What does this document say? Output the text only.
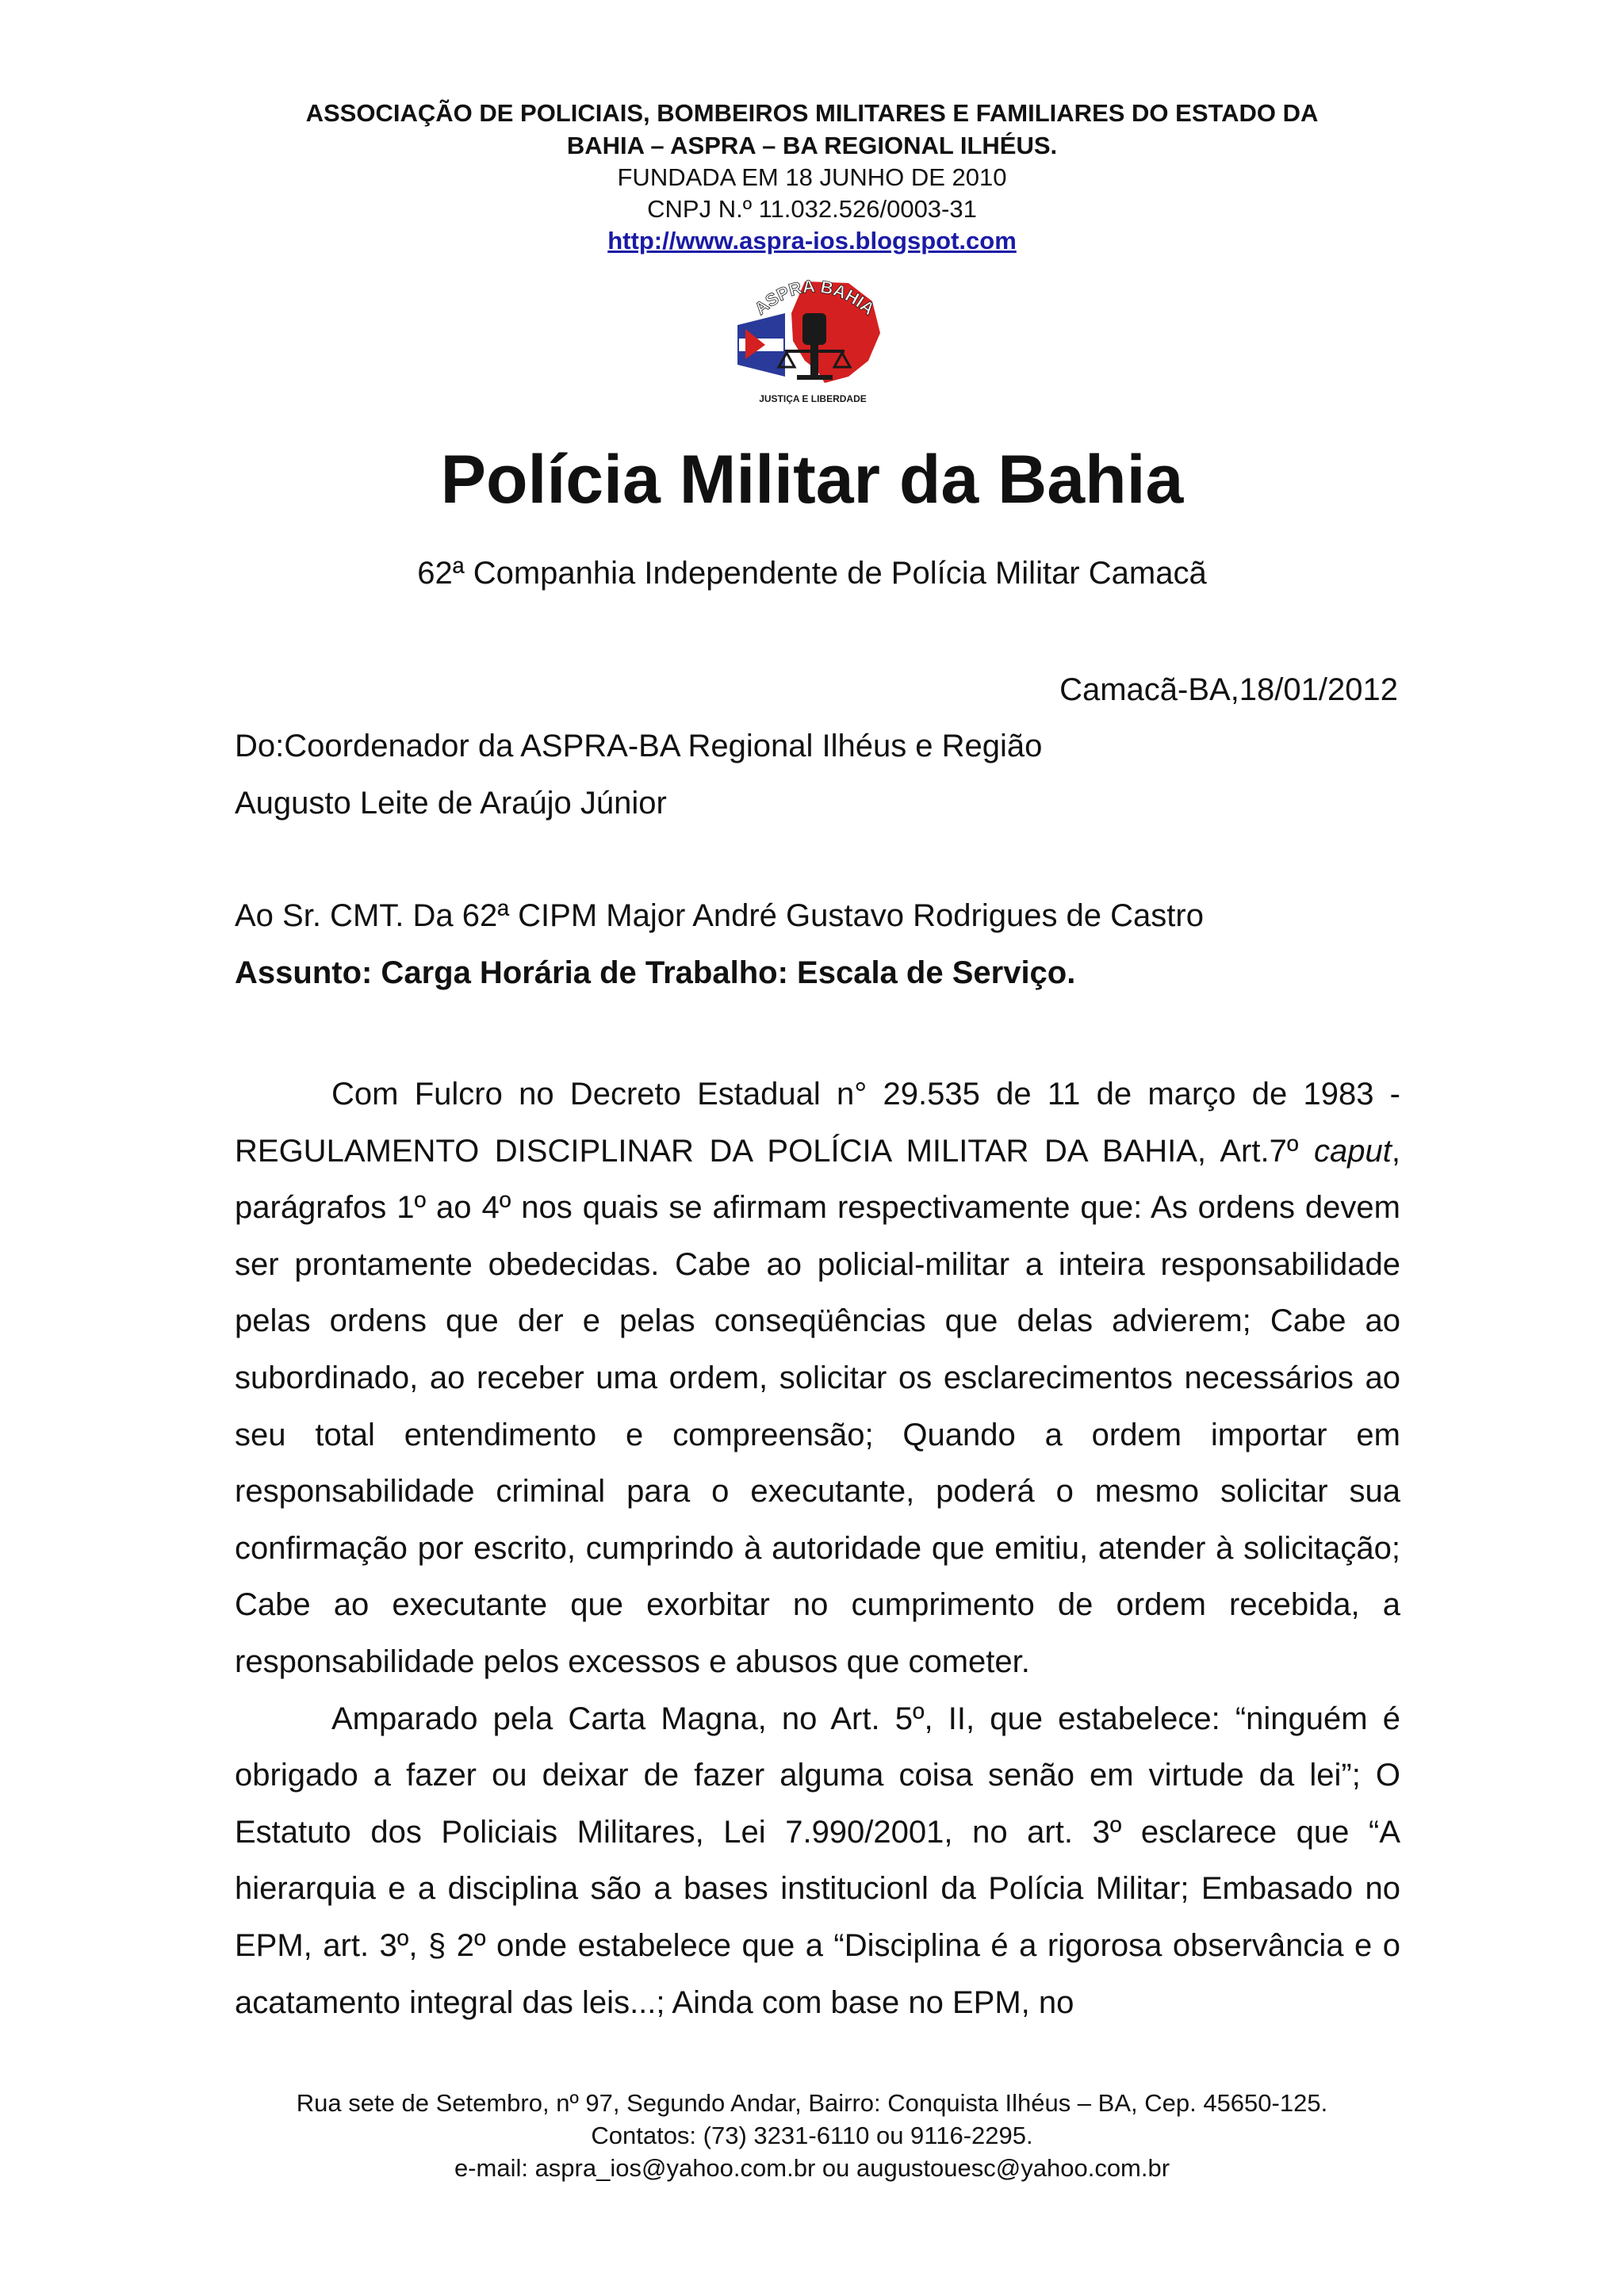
ASSOCIAÇÃO DE POLICIAIS, BOMBEIROS MILITARES E FAMILIARES DO ESTADO DA

BAHIA – ASPRA – BA REGIONAL ILHÉUS.

FUNDADA EM 18 JUNHO DE 2010

CNPJ N.º 11.032.526/0003-31

http://www.aspra-ios.blogspot.com

ASPRA BAHIA
JUSTIÇA E LIBERDADE

Polícia Militar da Bahia

62ª Companhia Independente de Polícia Militar Camacã

Camacã-BA,18/01/2012

Do:Coordenador da ASPRA-BA Regional Ilhéus e Região

Augusto Leite de Araújo Júnior

Ao Sr. CMT. Da 62ª CIPM Major André Gustavo Rodrigues de Castro

Assunto: Carga Horária de Trabalho: Escala de Serviço.

Com Fulcro no Decreto Estadual n° 29.535 de 11 de março de 1983 - REGULAMENTO DISCIPLINAR DA POLÍCIA MILITAR DA BAHIA, Art.7º caput, parágrafos 1º ao 4º nos quais se afirmam respectivamente que: As ordens devem ser prontamente obedecidas. Cabe ao policial-militar a inteira responsabilidade pelas ordens que der e pelas conseqüências que delas advierem; Cabe ao subordinado, ao receber uma ordem, solicitar os esclarecimentos necessários ao seu total entendimento e compreensão; Quando a ordem importar em responsabilidade criminal para o executante, poderá o mesmo solicitar sua confirmação por escrito, cumprindo à autoridade que emitiu, atender à solicitação; Cabe ao executante que exorbitar no cumprimento de ordem recebida, a responsabilidade pelos excessos e abusos que cometer.

Amparado pela Carta Magna, no Art. 5º, II, que estabelece: “ninguém é obrigado a fazer ou deixar de fazer alguma coisa senão em virtude da lei”; O Estatuto dos Policiais Militares, Lei 7.990/2001, no art. 3º esclarece que “A hierarquia e a disciplina são a bases institucionl da Polícia Militar; Embasado no EPM, art. 3º, § 2º onde estabelece que a “Disciplina é a rigorosa observância e o acatamento integral das leis...; Ainda com base no EPM, no

Rua sete de Setembro, nº 97, Segundo Andar, Bairro: Conquista Ilhéus – BA, Cep. 45650-125.

Contatos: (73) 3231-6110 ou 9116-2295.

e-mail: aspra_ios@yahoo.com.br ou augustouesc@yahoo.com.br
